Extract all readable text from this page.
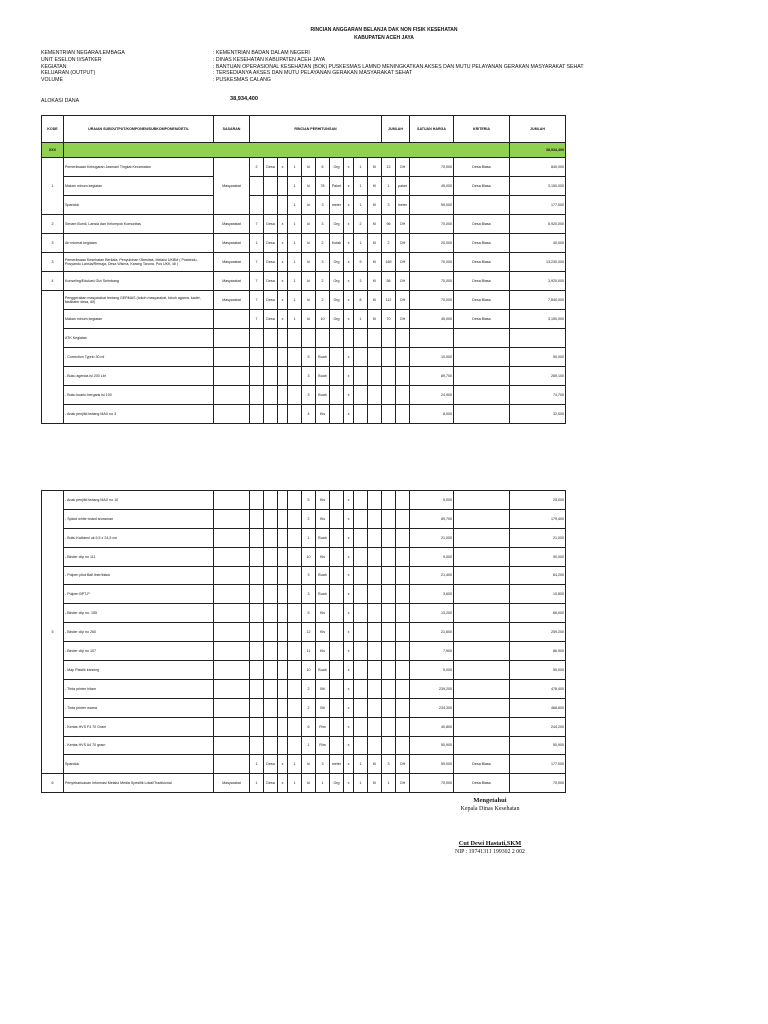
RINCIAN ANGGARAN BELANJA DAK NON FISIK KESEHATAN
KABUPATEN ACEH JAYA
KEMENTRIAN NEGARA/LEMBAGA	: KEMENTRIAN BADAN DALAM NEGERI
UNIT ESELON II/SATKER	: DINAS KESEHATAN KABUPATEN ACEH JAYA
KEGIATAN	: BANTUAN OPERASIONAL KESEHATAN (BOK) PUSKESMAS LAMNO MENINGKATKAN AKSES DAN MUTU PELAYANAN GERAKAN MASYARAKAT SEHAT
KELUARAN (OUTPUT)	: TERSEDIANYA AKSES DAN MUTU PELAYANAN GERAKAN MASYARAKAT SEHAT
VOLUME	: PUSKESMAS CALANG
ALOKASI DANA	38,934,400
KODE	URAIAN SUBOUTPUT/KOMPONEN/SUBKOMPONEN/DETIL	SASARAN	RINCIAN PERHITUNGAN										JUMLAH		SATUAN HARGA	KRITERIA	JUMLAH
XXX																	38,934,400
1	Pemeriksaan Kebugaran Jasmani Tingkat Kecamatan	Masyarakat	2	Desa	x	1	kl	6	Org	x	1	Kl	12	OH	70,000	Desa Biasa	840,000
	Makan minum kegiatan					1	kl	78	Paket	x	1	Kl	1	paket	45,000	Desa Biasa	3,150,000
	Spanduk					1	kl	3	meter	x	1	Kl	3	meter	59,000		177,000
2	Senam Bumil, Lansia dan Kelompok Komunitas	Masyarakat	7	Desa	x	1	kl	3	Org	x	2	Kl	96	OH	70,000	Desa Biasa	5,920,000
3	Air mineral kegiatan	Masyarakat	1	Desa	x	1	kl	2	Kotak	x	1	Kl	2	OH	20,000	Desa Biasa	40,000
3	Pemeriksaan Kesehatan Berkala, Penyuluhan Obesitas, Melalui UKBM ( Posbindu, Posyandu Lansia/Remaja, Desa Wisma, Karang Taruna, Pos UKK, dll )	Masyarakat	7	Desa	x	1	kl	3	Org	x	9	Kl	189	OH	70,000	Desa Biasa	13,230,000
4	Konseling/Edukasi Gizi Seimbang	Masyarakat	7	Desa	x	1	kl	2	Org	x	3	Kl	56	OH	70,000	Desa Biasa	3,920,000
	Penggerakan masyarakat tentang GERMAS (tokoh masyarakat, tokoh agama, kader, fasilitator desa, dll)	Masyarakat	7	Desa	x	1	kl	2	Org	x	8	Kl	112	OH	70,000	Desa Biasa	7,840,000
	Makan minum kegiatan		7	Desa	x	1	kl	10	Org	x	1	Kl	70	OH	45,000	Desa Biasa	3,150,000
	ATK Kegiatan																
	- Correction Typrio 30 ml						5	Buah		x					10,000		50,000
	- Buku agenda isi 200 Lbr						3	Buah		x					89,700		269,100
	- Buku kuarto bergaris isi 100						3	Buah		x					24,900		74,700
	- Anak penjilid tedang MAX no 3						4	Kls		x					8,000		32,000
5	- Anak penjilid tedang MAX no 10						5	Kls		x					5,000		25,000
	- Spidol white board snowman						2	Kls		x					89,700		179,400
	- Buku Kwitansi uk 9,5 x 24,5 cm						1	Buah		x					21,000		21,000
	- Binder clip no 111						10	Kls		x					9,000		90,000
	- Pulpen pilot Ball liner/black						3	Buah		x					21,400		64,200
	- Pulpen BPT-P						3	Buah		x					3,600		10,800
	- Binder clip no. 155						5	Kls		x					13,200		66,000
	- Binder clip no 260						12	Kls		x					21,600		259,200
	- Binder clip no 107						11	Kls		x					7,900		86,900
	- Map Plastik kancing						10	Buah		x					5,000		50,000
	- Tinta printer hitam						2	Btl		x					239,200		478,400
	- Tinta printer warna						2	Btl		x					234,300		468,600
	- Kertas HVS F4 70 Gram						6	Rim		x					40,800		244,200
	- Kertas HVS A4 70 gram						1	Rim		x					50,900		50,900
	Spanduk		1	Desa	x	1	kl	3	meter	x	1	Kl	3	OH	59,000	Desa Biasa	177,000
6	Penyebarluasan Informasi Melalui Media Spesifik Lokal/Tradisional	Masyarakat	1	Desa	x	1	kl	1	Org	x	1	Kl	1	OH	70,000	Desa Biasa	70,000
Mengetahui
Kepala Dinas Kesehatan
Cut Dewi Hastati,SKM
NIP : 19741311 199302 2 002
